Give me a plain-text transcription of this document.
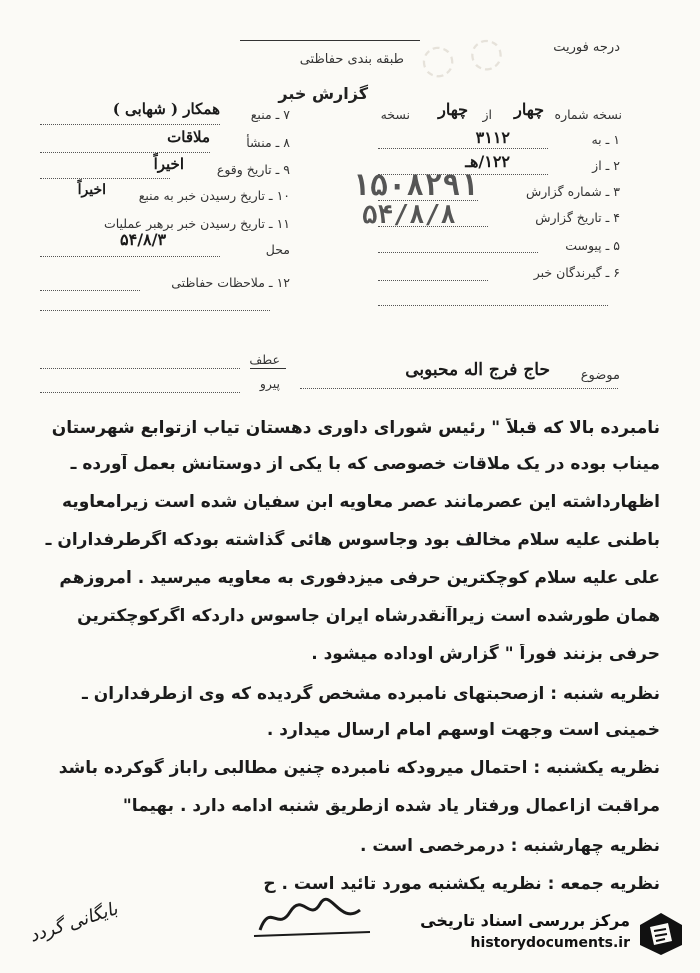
◌ ◌	درجه فوریت
طبقه بندی حفاظتی
گزارش خبر
نسخه شماره
چهار
از
چهار
نسخه
۱ ـ به
۳۱۱۲
۲ ـ از
۱۲۲/هـ
۳ ـ شماره گزارش
۴ ـ تاریخ گزارش
۵ ـ پیوست
۶ ـ گیرندگان خبر
۱۵۰۸۲۹۱
۵۴/۸/۸
۷ ـ منبع
همکار ( شهابی )
۸ ـ منشأ
ملاقات
۹ ـ تاریخ وقوع
اخیراً
۱۰ ـ تاریخ رسیدن خبر به منبع
اخیراً
۱۱ ـ تاریخ رسیدن خبر برهبر عملیات
محل
۵۴/۸/۳
۱۲ ـ ملاحظات حفاظتی
عطف
پیرو
موضوع
حاج فرج اله محبوبی
نامبرده بالا که قبلاً " رئیس شورای داوری دهستان تیاب ازتوابع شهرستان
میناب بوده در یک ملاقات خصوصی که با یکی از دوستانش بعمل آورده ـ
اظهارداشته این عصرمانند عصر معاویه ابن سفیان شده است زیرامعاویه
باطنی علیه سلام مخالف بود وجاسوس هائی گذاشته بودکه اگرطرفداران ـ
علی علیه سلام کوچکترین حرفی میزدفوری به معاویه میرسید . امروزهم
همان طورشده است زیراآنقدرشاه ایران جاسوس داردکه اگرکوچکترین
حرفی بزنند فوراً " گزارش اوداده میشود .
نظریه شنبه : ازصحبتهای نامبرده مشخص گردیده که وی ازطرفداران ـ
خمینی است وجهت اوسهم امام ارسال میدارد .
نظریه یکشنبه : احتمال میرودکه نامبرده چنین مطالبی راباز گوکرده باشد
مراقبت ازاعمال ورفتار یاد شده ازطریق شنبه ادامه دارد . بهیما"
نظریه چهارشنبه : درمرخصی است .
نظریه جمعه : نظریه یکشنبه مورد تائید است . ح
بایگانی گردد	مرکز بررسی اسناد تاریخی
historydocuments.ir
